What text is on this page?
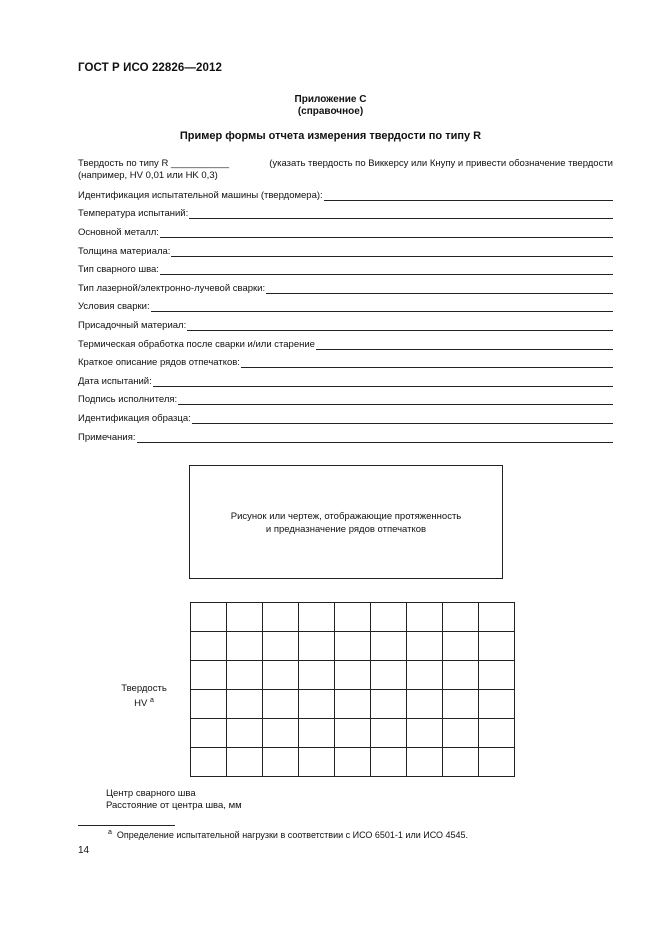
ГОСТ Р ИСО 22826—2012
Приложение С
(справочное)
Пример формы отчета измерения твердости по типу R
Твердость по типу R ___________	(указать твердость по Виккерсу или Кнупу и привести обозначение твердости
(например, HV 0,01 или HK 0,3)
Идентификация испытательной машины (твердомера):
Температура испытаний:
Основной металл:
Толщина материала:
Тип сварного шва:
Тип лазерной/электронно-лучевой сварки:
Условия сварки:
Присадочный материал:
Термическая обработка после сварки и/или старение
Краткое описание рядов отпечатков:
Дата испытаний:
Подпись исполнителя:
Идентификация образца:
Примечания:
Рисунок или чертеж, отображающие протяженность
и предназначение рядов отпечатков

Твердость
HV $^a$
Центр сварного шва
Расстояние от центра шва, мм
$^a$ Определение испытательной нагрузки в соответствии с ИСО 6501-1 или ИСО 4545.
14
